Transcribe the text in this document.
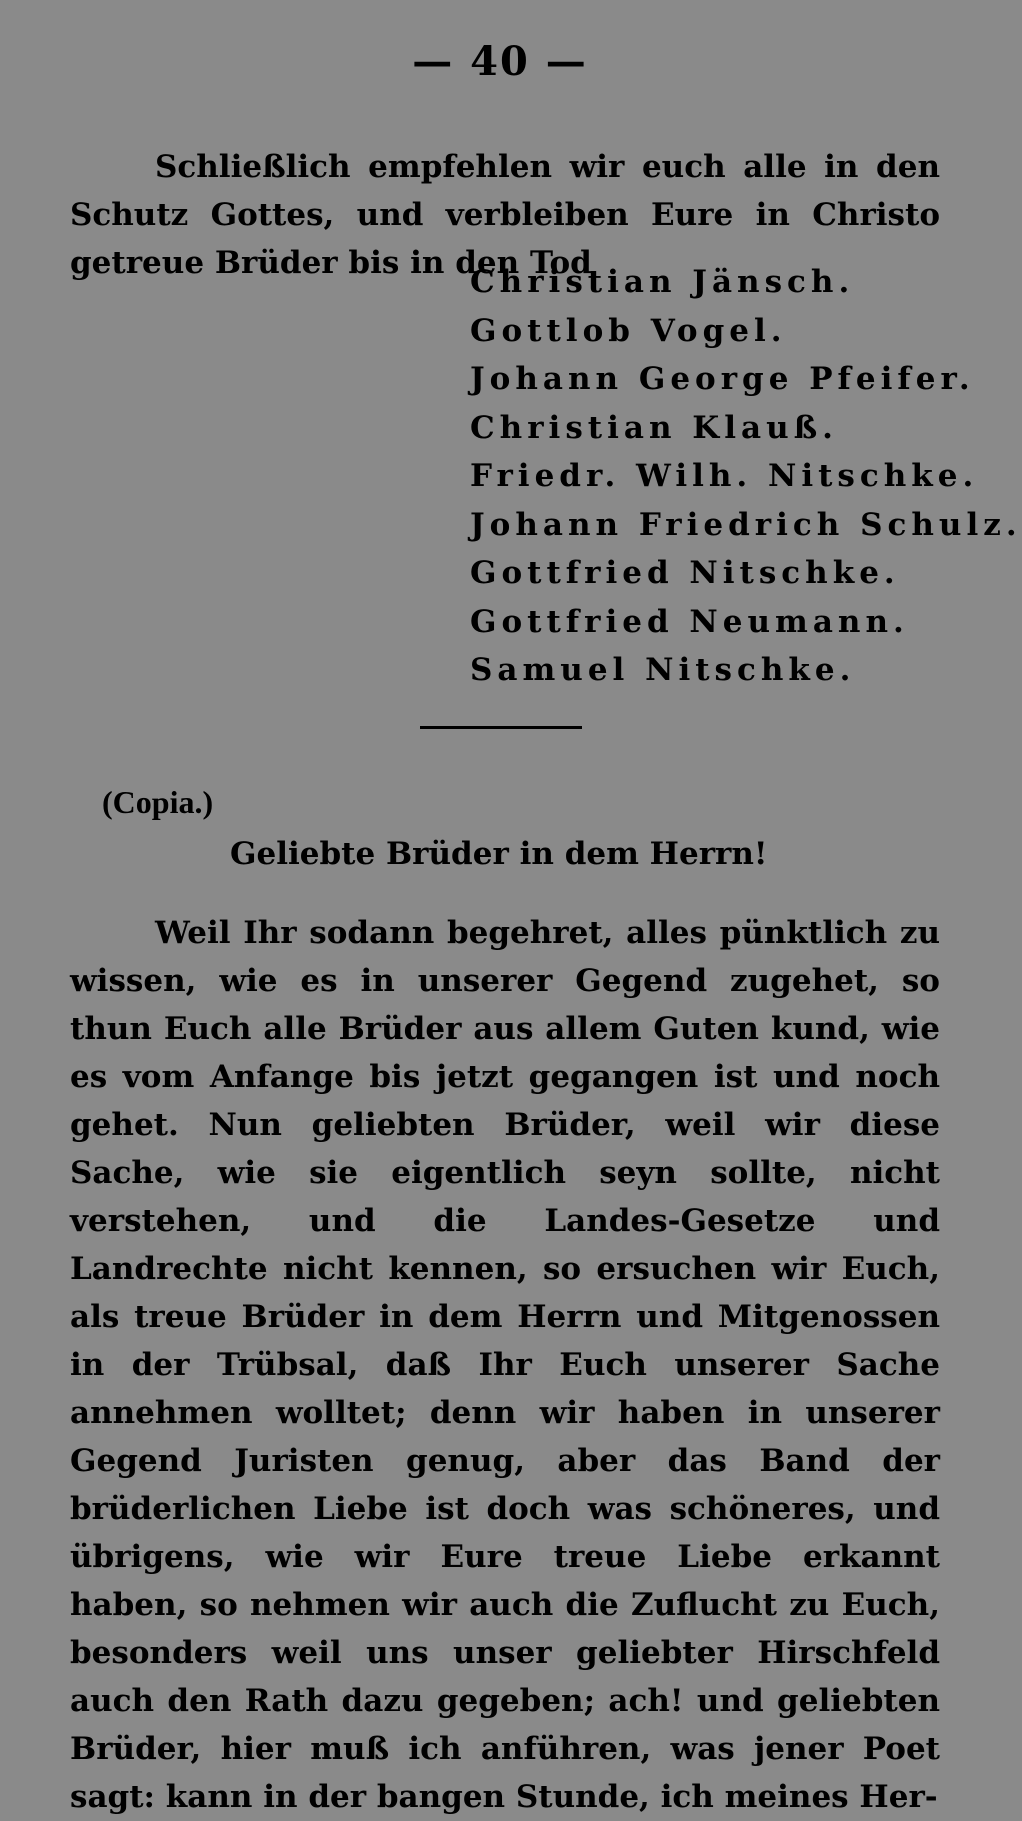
— 40 —

Schließlich empfehlen wir euch alle in den Schutz Gottes, und verbleiben Eure in Christo getreue Brüder bis in den Tod

Christian Jänsch.
Gottlob Vogel.
Johann George Pfeifer.
Christian Klauß.
Friedr. Wilh. Nitschke.
Johann Friedrich Schulz.
Gottfried Nitschke.
Gottfried Neumann.
Samuel Nitschke.
(Copia.)
Geliebte Brüder in dem Herrn!

Weil Ihr sodann begehret, alles pünktlich zu wissen, wie es in unserer Gegend zugehet, so thun Euch alle Brüder aus allem Guten kund, wie es vom Anfange bis jetzt gegangen ist und noch gehet. Nun geliebten Brüder, weil wir diese Sache, wie sie eigentlich seyn sollte, nicht verstehen, und die Landes-Gesetze und Landrechte nicht kennen, so ersuchen wir Euch, als treue Brüder in dem Herrn und Mitgenossen in der Trübsal, daß Ihr Euch unserer Sache annehmen wolltet; denn wir haben in unserer Gegend Juristen genug, aber das Band der brüderlichen Liebe ist doch was schöneres, und übrigens, wie wir Eure treue Liebe erkannt haben, so nehmen wir auch die Zuflucht zu Euch, besonders weil uns unser geliebter Hirschfeld auch den Rath dazu gegeben; ach! und geliebten Brüder, hier muß ich anführen, was jener Poet sagt: kann in der bangen Stunde, ich meines Her-
